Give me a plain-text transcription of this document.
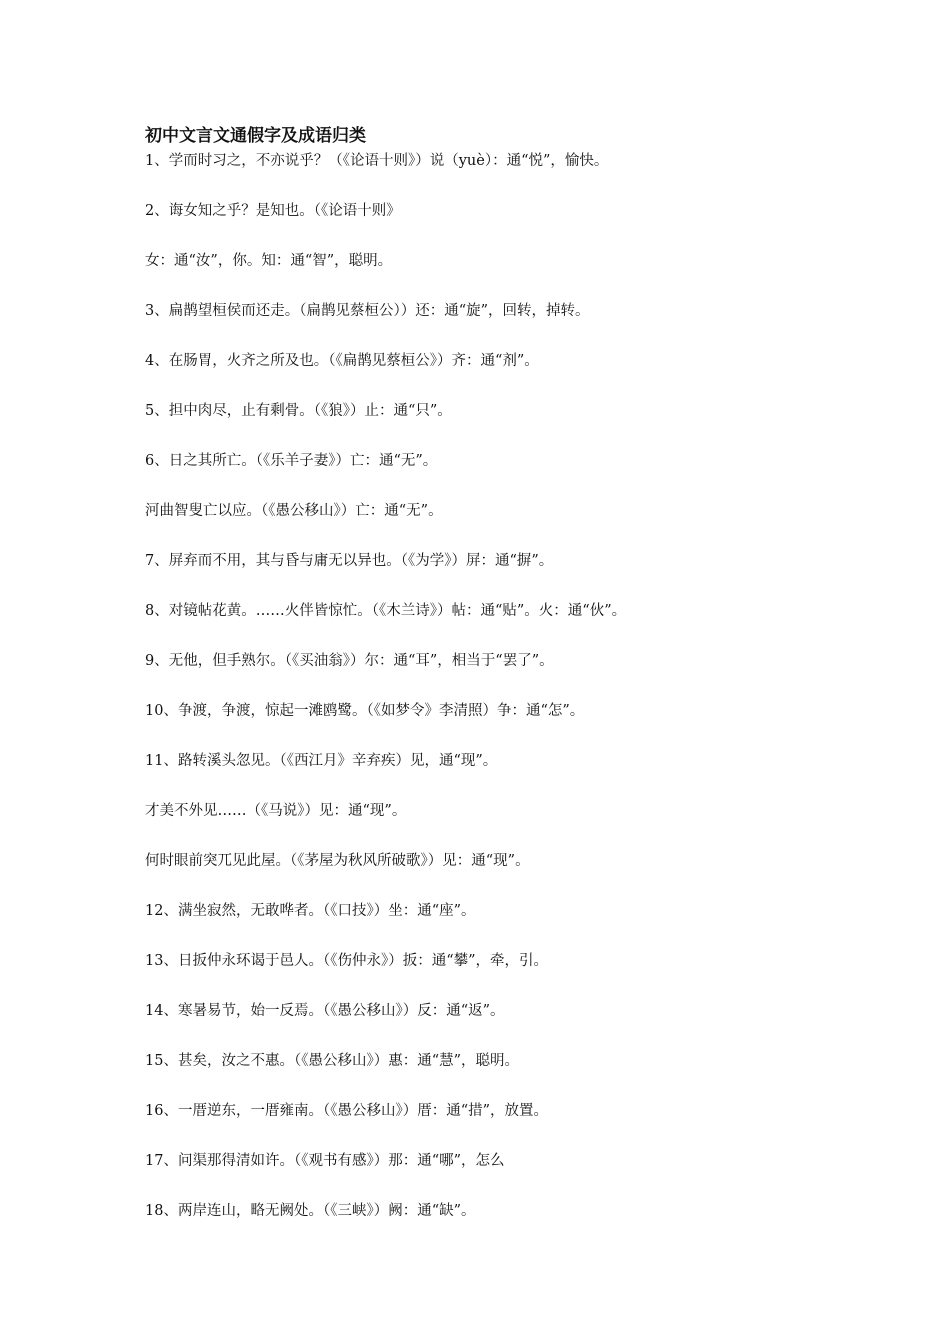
初中文言文通假字及成语归类
1、学而时习之，不亦说乎？（《论语十则》）说（yuè）：通“悦”，愉快。
2、诲女知之乎？是知也。（《论语十则》
女：通“汝”，你。知：通“智”，聪明。
3、扁鹊望桓侯而还走。（扁鹊见蔡桓公））还：通“旋”，回转，掉转。
4、在肠胃，火齐之所及也。（《扁鹊见蔡桓公》）齐：通“剂”。
5、担中肉尽，止有剩骨。（《狼》）止：通“只”。
6、日之其所亡。（《乐羊子妻》）亡：通“无”。
河曲智叟亡以应。（《愚公移山》）亡：通“无”。
7、屏弃而不用，其与昏与庸无以异也。（《为学》）屏：通“摒”。
8、对镜帖花黄。……火伴皆惊忙。（《木兰诗》）帖：通“贴”。火：通“伙”。
9、无他，但手熟尔。（《买油翁》）尔：通“耳”，相当于“罢了”。
10、争渡，争渡，惊起一滩鸥鹭。（《如梦令》李清照）争：通“怎”。
11、路转溪头忽见。（《西江月》辛弃疾）见，通“现”。
才美不外见……（《马说》）见：通“现”。
何时眼前突兀见此屋。（《茅屋为秋风所破歌》）见：通“现”。
12、满坐寂然，无敢哗者。（《口技》）坐：通“座”。
13、日扳仲永环谒于邑人。（《伤仲永》）扳：通“攀”，牵，引。
14、寒暑易节，始一反焉。（《愚公移山》）反：通“返”。
15、甚矣，汝之不惠。（《愚公移山》）惠：通“慧”，聪明。
16、一厝逆东，一厝雍南。（《愚公移山》）厝：通“措”，放置。
17、问渠那得清如许。（《观书有感》）那：通“哪”，怎么
18、两岸连山，略无阙处。（《三峡》）阙：通“缺”。
